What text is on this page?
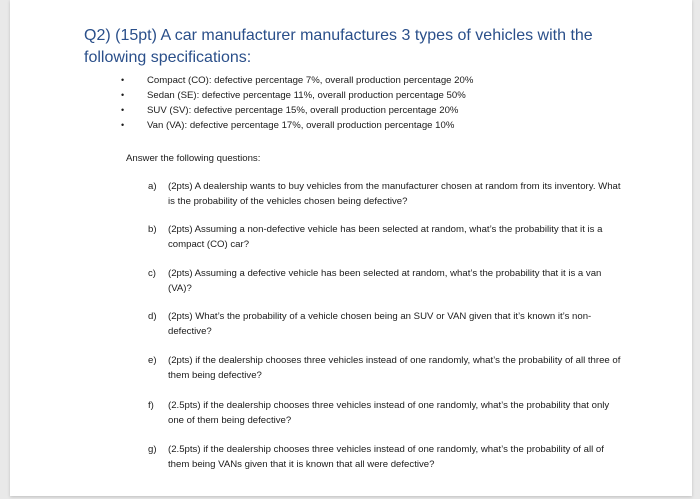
Q2) (15pt) A car manufacturer manufactures 3 types of vehicles with the following specifications:
• Compact (CO): defective percentage 7%, overall production percentage 20%
• Sedan (SE): defective percentage 11%, overall production percentage 50%
• SUV (SV): defective percentage 15%, overall production percentage 20%
• Van (VA): defective percentage 17%, overall production percentage 10%

Answer the following questions:

a)	(2pts) A dealership wants to buy vehicles from the manufacturer chosen at random from its inventory. What is the probability of the vehicles chosen being defective?
b)	(2pts) Assuming a non-defective vehicle has been selected at random, what’s the probability that it is a compact (CO) car?
c)	(2pts) Assuming a defective vehicle has been selected at random, what’s the probability that it is a van (VA)?
d)	(2pts) What’s the probability of a vehicle chosen being an SUV or VAN given that it’s known it’s non-defective?
e)	(2pts) if the dealership chooses three vehicles instead of one randomly, what’s the probability of all three of them being defective?
f)	(2.5pts) if the dealership chooses three vehicles instead of one randomly, what’s the probability that only one of them being defective?
g)	(2.5pts) if the dealership chooses three vehicles instead of one randomly, what’s the probability of all of them being VANs given that it is known that all were defective?
